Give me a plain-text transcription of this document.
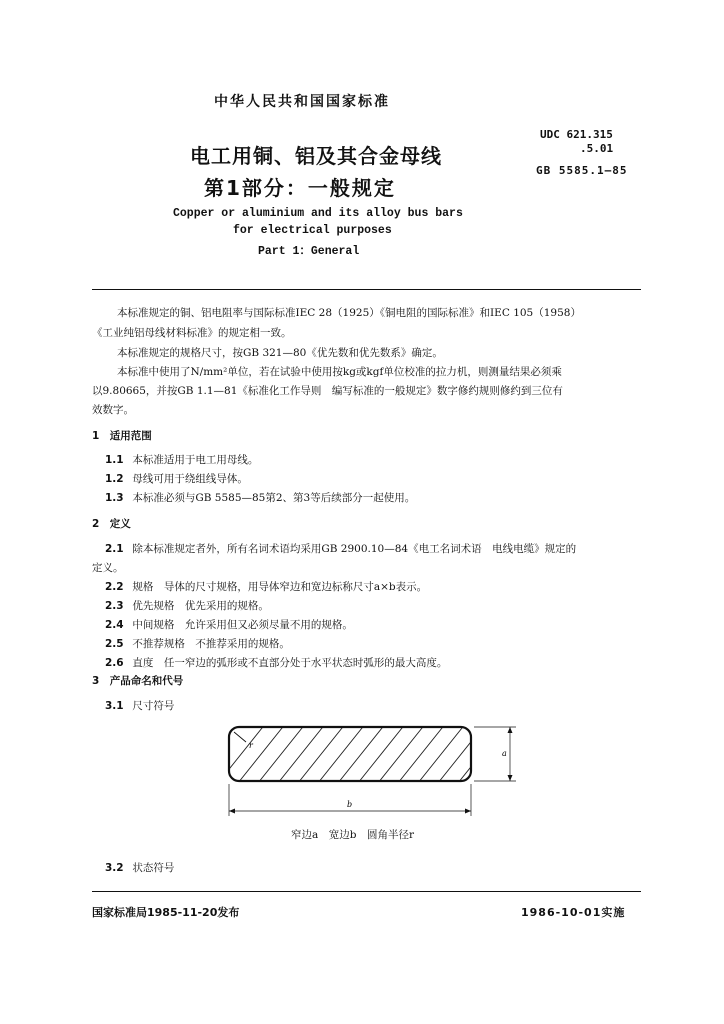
中华人民共和国国家标准
UDC 621.315
.5.01
GB 5585.1—85
电工用铜、铝及其合金母线
第1部分：一般规定
Copper or aluminium and its alloy bus bars
for electrical purposes
Part 1：General
本标准规定的铜、铝电阻率与国际标准IEC 28（1925）《铜电阻的国际标准》和IEC 105（1958）
《工业纯铝母线材料标准》的规定相一致。
本标准规定的规格尺寸，按GB 321—80《优先数和优先数系》确定。
本标准中使用了N/mm²单位，若在试验中使用按kg或kgf单位校准的拉力机，则测量结果必须乘
以9.80665，并按GB 1.1—81《标准化工作导则　编写标准的一般规定》数字修约规则修约到三位有
效数字。
1　适用范围
1.1 本标准适用于电工用母线。
1.2 母线可用于绕组线导体。
1.3 本标准必须与GB 5585—85第2、第3等后续部分一起使用。
2　定义
2.1 除本标准规定者外，所有名词术语均采用GB 2900.10—84《电工名词术语　电线电缆》规定的
定义。
2.2 规格　导体的尺寸规格，用导体窄边和宽边标称尺寸a×b表示。
2.3 优先规格　优先采用的规格。
2.4 中间规格　允许采用但又必须尽量不用的规格。
2.5 不推荐规格　不推荐采用的规格。
2.6 直度　任一窄边的弧形或不直部分处于水平状态时弧形的最大高度。
3　产品命名和代号
3.1 尺寸符号
r
a
b
窄边a　宽边b　圆角半径r
3.2 状态符号
国家标准局1985-11-20发布	1986-10-01实施
